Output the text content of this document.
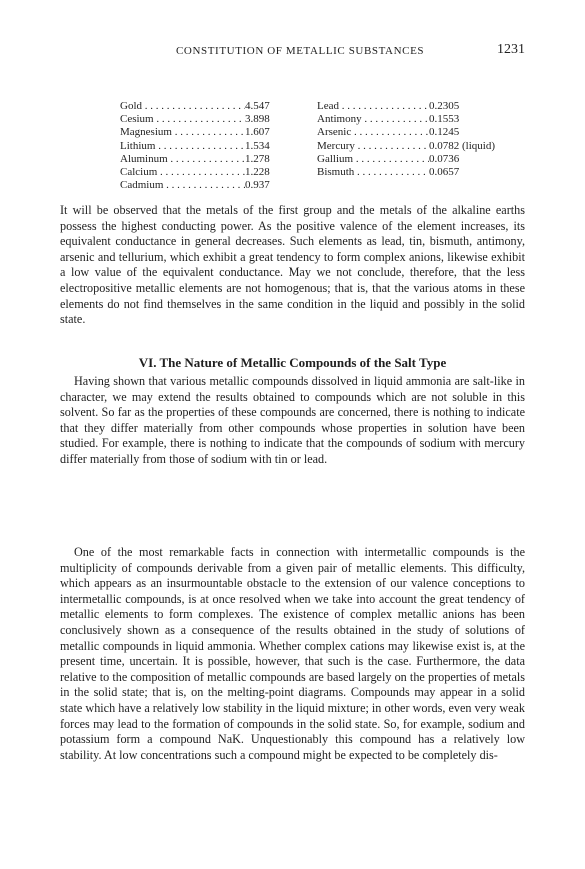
CONSTITUTION OF METALLIC SUBSTANCES	1231
Gold . . .	4.547	Lead . . .	0.2305
Cesium . . .	3.898	Antimony . . .	0.1553
Magnesium . . .	1.607	Arsenic . . .	0.1245
Lithium . . .	1.534	Mercury . . .	0.0782 (liquid)
Aluminum . . .	1.278	Gallium . . .	0.0736
Calcium . . .	1.228	Bismuth . . .	0.0657
Cadmium . . .	0.937

It will be observed that the metals of the first group and the metals of the alkaline earths possess the highest conducting power. As the positive valence of the element increases, its equivalent conductance in general decreases. Such elements as lead, tin, bismuth, antimony, arsenic and tellurium, which exhibit a great tendency to form complex anions, likewise exhibit a low value of the equivalent conductance. May we not conclude, therefore, that the less electropositive metallic elements are not homogenous; that is, that the various atoms in these elements do not find themselves in the same condition in the liquid and possibly in the solid state.

VI. The Nature of Metallic Compounds of the Salt Type

Having shown that various metallic compounds dissolved in liquid ammonia are salt-like in character, we may extend the results obtained to compounds which are not soluble in this solvent. So far as the properties of these compounds are concerned, there is nothing to indicate that they differ materially from other compounds whose properties in solution have been studied. For example, there is nothing to indicate that the compounds of sodium with mercury differ materially from those of sodium with tin or lead.

One of the most remarkable facts in connection with intermetallic compounds is the multiplicity of compounds derivable from a given pair of metallic elements. This difficulty, which appears as an insurmountable obstacle to the extension of our valence conceptions to intermetallic compounds, is at once resolved when we take into account the great tendency of metallic elements to form complexes. The existence of complex metallic anions has been conclusively shown as a consequence of the results obtained in the study of solutions of metallic compounds in liquid ammonia. Whether complex cations may likewise exist is, at the present time, uncertain. It is possible, however, that such is the case. Furthermore, the data relative to the composition of metallic compounds are based largely on the properties of metals in the solid state; that is, on the melting-point diagrams. Compounds may appear in a solid state which have a relatively low stability in the liquid mixture; in other words, even very weak forces may lead to the formation of compounds in the solid state. So, for example, sodium and potassium form a compound NaK. Unquestionably this compound has a relatively low stability. At low concentrations such a compound might be expected to be completely dis-
